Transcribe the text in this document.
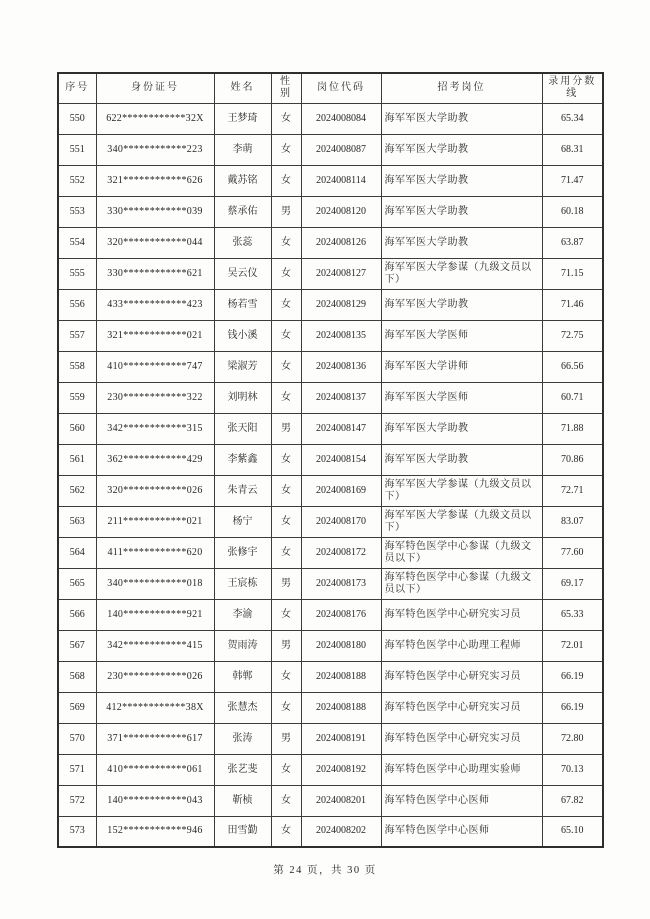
序号	身份证号	姓名	性别	岗位代码	招考岗位	录用分数线
550	622************32X	王梦琦	女	2024008084	海军军医大学助教	65.34
551	340************223	李萌	女	2024008087	海军军医大学助教	68.31
552	321************626	戴苏铭	女	2024008114	海军军医大学助教	71.47
553	330************039	蔡承佑	男	2024008120	海军军医大学助教	60.18
554	320************044	张蕊	女	2024008126	海军军医大学助教	63.87
555	330************621	吴云仪	女	2024008127	海军军医大学参谋（九级文员以下）	71.15
556	433************423	杨若雪	女	2024008129	海军军医大学助教	71.46
557	321************021	钱小溪	女	2024008135	海军军医大学医师	72.75
558	410************747	梁淑芳	女	2024008136	海军军医大学讲师	66.56
559	230************322	刘明林	女	2024008137	海军军医大学医师	60.71
560	342************315	张天阳	男	2024008147	海军军医大学助教	71.88
561	362************429	李紫鑫	女	2024008154	海军军医大学助教	70.86
562	320************026	朱青云	女	2024008169	海军军医大学参谋（九级文员以下）	72.71
563	211************021	杨宁	女	2024008170	海军军医大学参谋（九级文员以下）	83.07
564	411************620	张修宇	女	2024008172	海军特色医学中心参谋（九级文员以下）	77.60
565	340************018	王宸栋	男	2024008173	海军特色医学中心参谋（九级文员以下）	69.17
566	140************921	李渝	女	2024008176	海军特色医学中心研究实习员	65.33
567	342************415	贺雨涛	男	2024008180	海军特色医学中心助理工程师	72.01
568	230************026	韩郸	女	2024008188	海军特色医学中心研究实习员	66.19
569	412************38X	张慧杰	女	2024008188	海军特色医学中心研究实习员	66.19
570	371************617	张涛	男	2024008191	海军特色医学中心研究实习员	72.80
571	410************061	张艺斐	女	2024008192	海军特色医学中心助理实验师	70.13
572	140************043	靳桢	女	2024008201	海军特色医学中心医师	67.82
573	152************946	田雪勤	女	2024008202	海军特色医学中心医师	65.10
第 24 页，共 30 页
